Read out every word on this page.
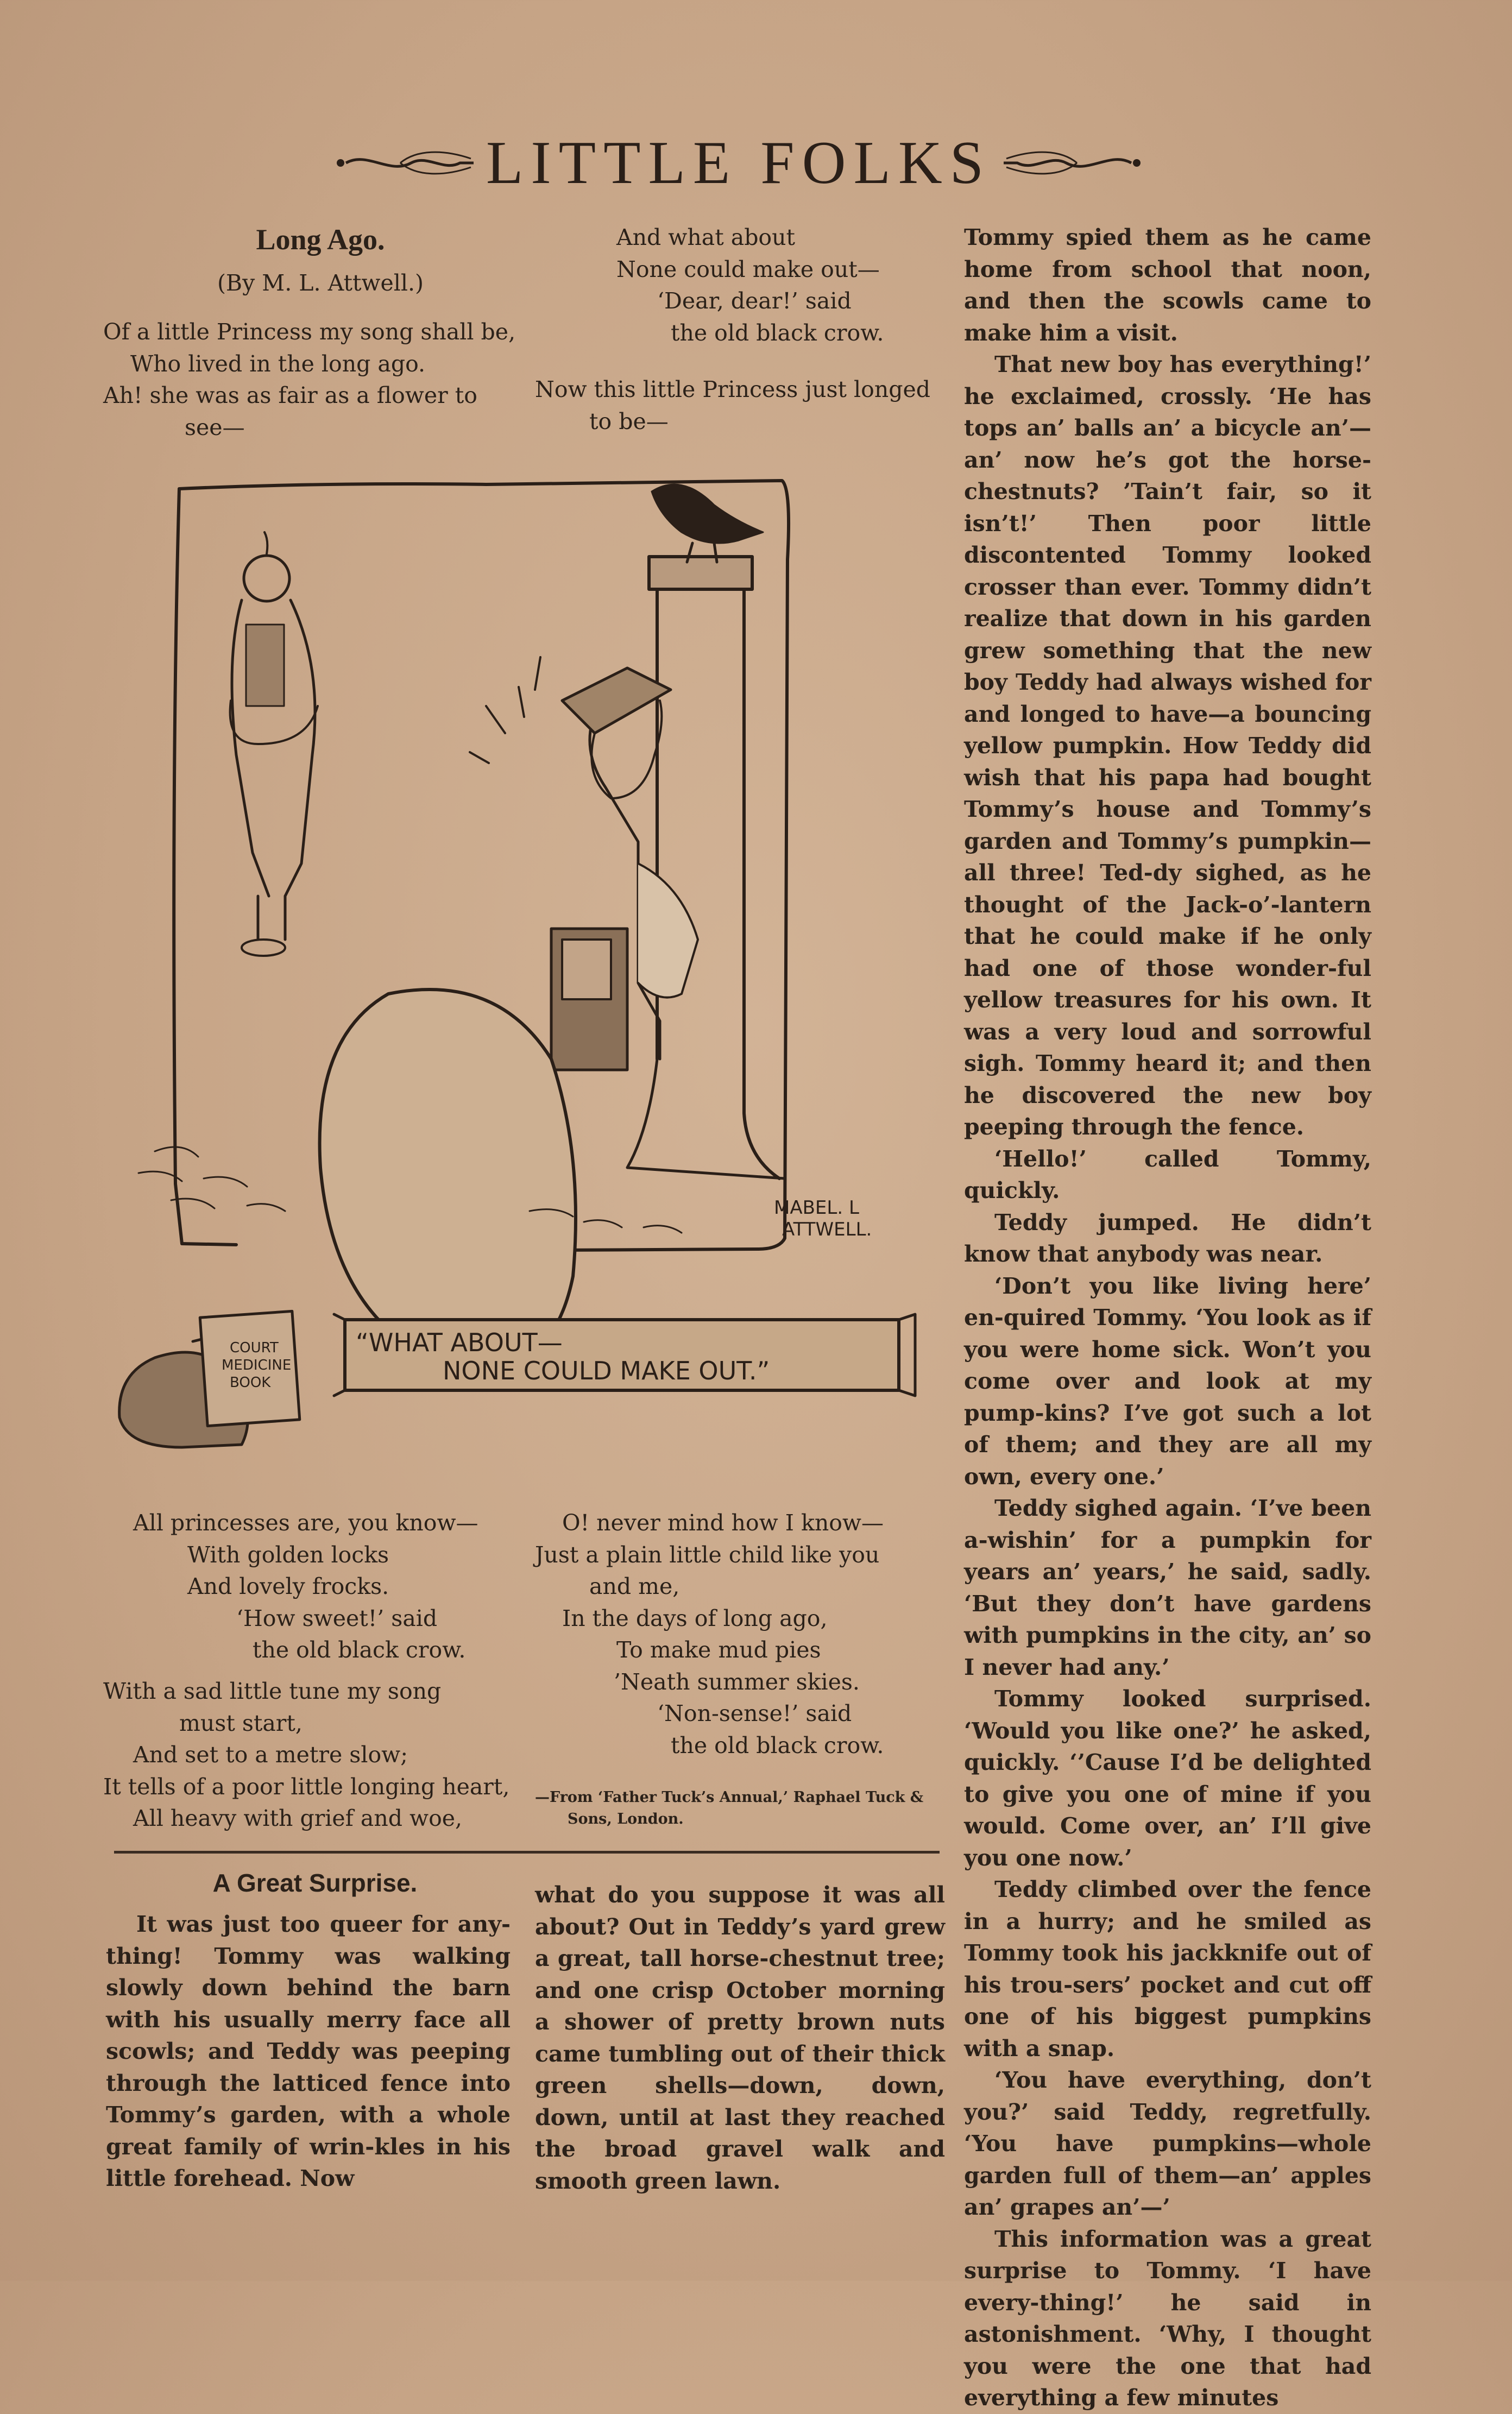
LITTLE FOLKS
Long Ago.
(By M. L. Attwell.)

Of a little Princess my song shall be,

Who lived in the long ago.

Ah! she was as fair as a flower to

see—

And what about

None could make out—

‘Dear, dear!’ said

the old black crow.

Now this little Princess just longed

to be—

COURT
MEDICINE
BOOK
“WHAT ABOUT—
NONE COULD MAKE OUT.”
MABEL. L
ATTWELL.

All princesses are, you know—

With golden locks

And lovely frocks.

‘How sweet!’ said

the old black crow.

With a sad little tune my song

must start,

And set to a metre slow;

It tells of a poor little longing heart,

All heavy with grief and woe,

O! never mind how I know—

Just a plain little child like you

and me,

In the days of long ago,

To make mud pies

’Neath summer skies.

‘Non-sense!’ said

the old black crow.

—From ‘Father Tuck’s Annual,’ Raphael Tuck &
Sons, London.
A Great Surprise.

It was just too queer for any-thing! Tommy was walking slowly down behind the barn with his usually merry face all scowls; and Teddy was peeping through the latticed fence into Tommy’s garden, with a whole great family of wrin-kles in his little forehead. Now

what do you suppose it was all about? Out in Teddy’s yard grew a great, tall horse-chestnut tree; and one crisp October morning a shower of pretty brown nuts came tumbling out of their thick green shells—down, down, down, until at last they reached the broad gravel walk and smooth green lawn.

Tommy spied them as he came home from school that noon, and then the scowls came to make him a visit.

That new boy has everything!’ he exclaimed, crossly. ‘He has tops an’ balls an’ a bicycle an’—an’ now he’s got the horse-chestnuts? ’Tain’t fair, so it isn’t!’ Then poor little discontented Tommy looked crosser than ever. Tommy didn’t realize that down in his garden grew something that the new boy Teddy had always wished for and longed to have—a bouncing yellow pumpkin. How Teddy did wish that his papa had bought Tommy’s house and Tommy’s garden and Tommy’s pumpkin—all three! Ted-dy sighed, as he thought of the Jack-o’-lantern that he could make if he only had one of those wonder-ful yellow treasures for his own. It was a very loud and sorrowful sigh. Tommy heard it; and then he discovered the new boy peeping through the fence.

‘Hello!’ called Tommy, quickly.

Teddy jumped. He didn’t know that anybody was near.

‘Don’t you like living here’ en-quired Tommy. ‘You look as if you were home sick. Won’t you come over and look at my pump-kins? I’ve got such a lot of them; and they are all my own, every one.’

Teddy sighed again. ‘I’ve been a-wishin’ for a pumpkin for years an’ years,’ he said, sadly. ‘But they don’t have gardens with pumpkins in the city, an’ so I never had any.’

Tommy looked surprised. ‘Would you like one?’ he asked, quickly. ‘’Cause I’d be delighted to give you one of mine if you would. Come over, an’ I’ll give you one now.’

Teddy climbed over the fence in a hurry; and he smiled as Tommy took his jackknife out of his trou-sers’ pocket and cut off one of his biggest pumpkins with a snap.

‘You have everything, don’t you?’ said Teddy, regretfully. ‘You have pumpkins—whole garden full of them—an’ apples an’ grapes an’—’

This information was a great surprise to Tommy. ‘I have every-thing!’ he said in astonishment. ‘Why, I thought you were the one that had everything a few minutes
